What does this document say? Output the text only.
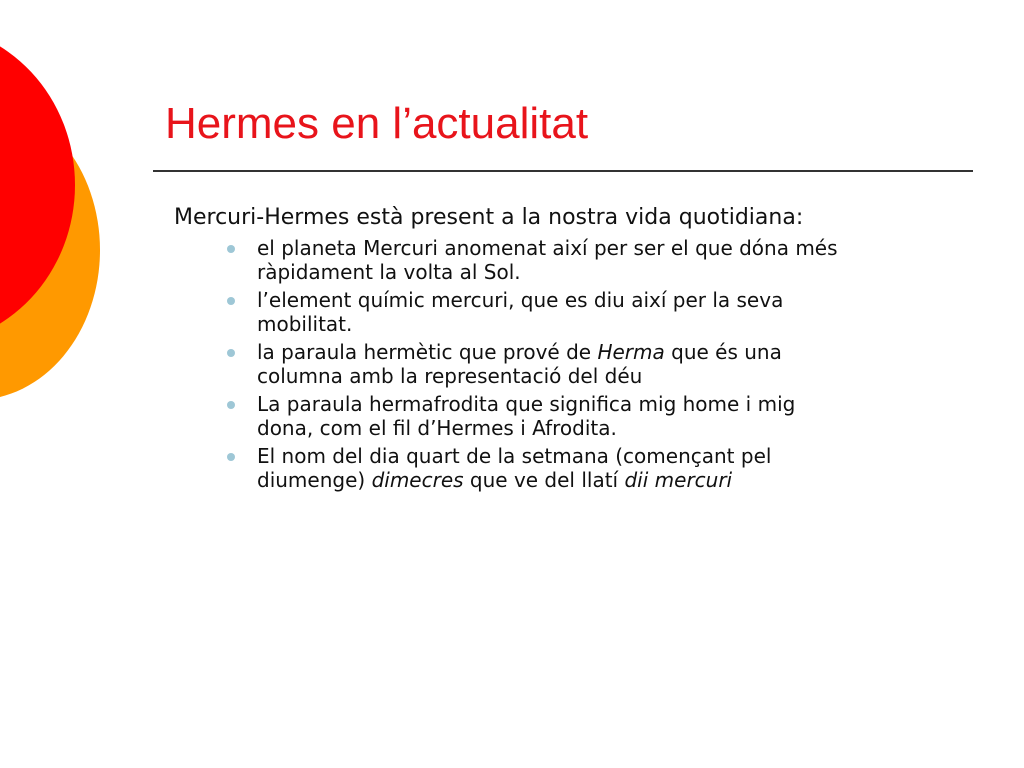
Hermes en l’actualitat

Mercuri-Hermes està present a la nostra vida quotidiana:

el planeta Mercuri anomenat així per ser el que dóna més
ràpidament la volta al Sol.
l’element químic mercuri, que es diu així per la seva
mobilitat.
la paraula hermètic que prové de Herma que és una
columna amb la representació del déu
La paraula hermafrodita que significa mig home i mig
dona, com el fil d’Hermes i Afrodita.
El nom del dia quart de la setmana (començant pel
diumenge) dimecres que ve del llatí dii mercuri
